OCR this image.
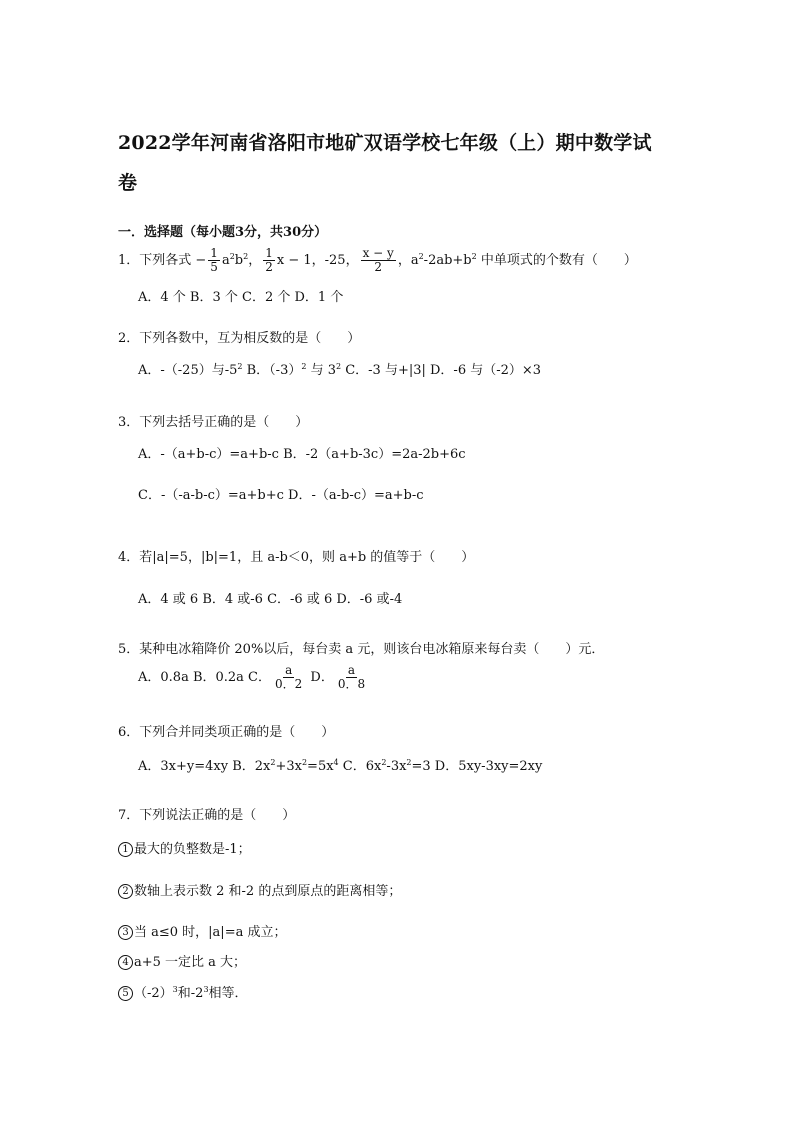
2022学年河南省洛阳市地矿双语学校七年级（上）期中数学试
卷
一．选择题（每小题3分，共30分）
1．下列各式 − $\frac{1}{5} a^2b^2$， $\frac{1}{2}$ x − 1，-25， $\frac{x - y}{2}$ ，$a^2-2ab+b^2$ 中单项式的个数有（　　）
A．4 个 B．3 个 C．2 个 D．1 个
2．下列各数中，互为相反数的是（　　）
A．-（-25）与$-5^2$ B．$(-3)^2$ 与 $3^2$ C．-3 与+|3| D．-6 与（-2）×3
3．下列去括号正确的是（　　）
A．-（a+b-c）=a+b-c B．-2（a+b-3c）=2a-2b+6c
C．-（-a-b-c）=a+b+c D．-（a-b-c）=a+b-c
4．若|a|=5，|b|=1，且 a-b＜0，则 a+b 的值等于（　　）
A．4 或 6 B．4 或-6 C．-6 或 6 D．-6 或-4
5．某种电冰箱降价 20%以后，每台卖 a 元，则该台电冰箱原来每台卖（　　）元．
A．0.8a B．0.2a C． $\frac{a}{0.2}$ D． $\frac{a}{0.8}$
6．下列合并同类项正确的是（　　）
A．3x+y=4xy B．$2x^2+3x^2=5x^4$ C．$6x^2-3x^2=3$ D．5xy-3xy=2xy
7．下列说法正确的是（　　）
1 最大的负整数是-1；
2 数轴上表示数 2 和-2 的点到原点的距离相等；
3 当 a≤0 时，|a|=a 成立；
4 a+5 一定比 a 大；
5 $(-2)^3$和$-2^3$相等．
